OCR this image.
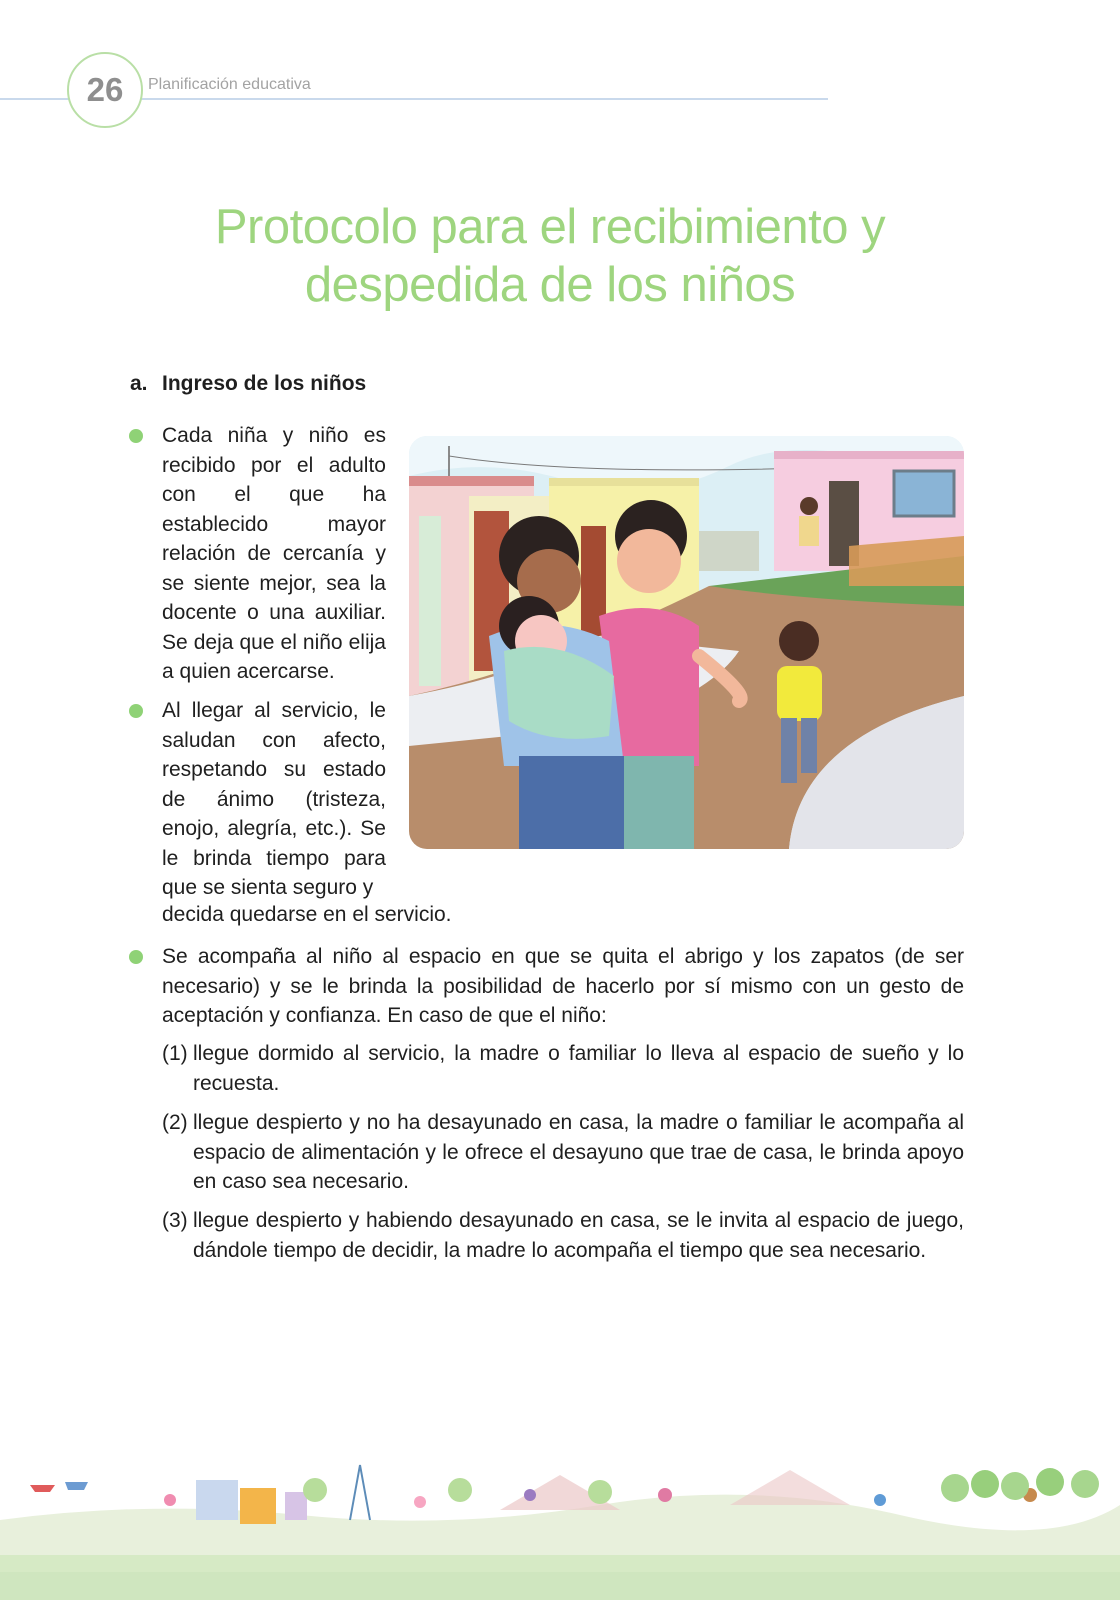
26	Planificación educativa
Protocolo para el recibimiento y
despedida de los niños
a. Ingreso de los niños

Cada niña y niño es recibido por el adulto con el que ha establecido mayor relación de cercanía y se siente mejor, sea la docente o una auxiliar. Se deja que el niño elija a quien acercarse.

Al llegar al servicio, le saludan con afecto, respetando su estado de ánimo (tristeza, enojo, alegría, etc.). Se le brinda tiempo para que se sienta seguro y

decida quedarse en el servicio.

Se acompaña al niño al espacio en que se quita el abrigo y los zapatos (de ser necesario) y se le brinda la posibilidad de hacerlo por sí mismo con un gesto de aceptación y confianza. En caso de que el niño:

(1) llegue dormido al servicio, la madre o familiar lo lleva al espacio de sueño y lo recuesta.
(2) llegue despierto y no ha desayunado en casa, la madre o familiar le acompaña al espacio de alimentación y le ofrece el desayuno que trae de casa, le brinda apoyo en caso sea necesario.
(3) llegue despierto y habiendo desayunado en casa, se le invita al espacio de juego, dándole tiempo de decidir, la madre lo acompaña el tiempo que sea necesario.
